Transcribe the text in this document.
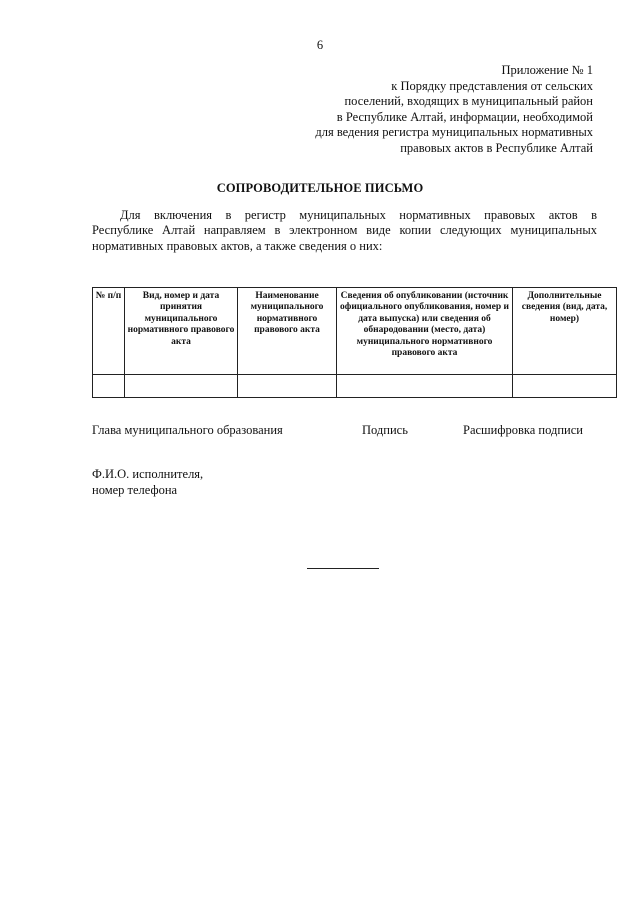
6
Приложение № 1
к Порядку представления от сельских
поселений, входящих в муниципальный район
в Республике Алтай, информации, необходимой
для ведения регистра муниципальных нормативных
правовых актов в Республике Алтай
СОПРОВОДИТЕЛЬНОЕ ПИСЬМО
Для включения в регистр муниципальных нормативных правовых актов в
Республике Алтай направляем в электронном виде копии следующих муниципальных
нормативных правовых актов, а также сведения о них:
№ п/п	Вид, номер и дата принятия муниципального нормативного правового акта	Наименование муниципального нормативного правового акта	Сведения об опубликовании (источник официального опубликования, номер и дата выпуска) или сведения об обнародовании (место, дата) муниципального нормативного правового акта	Дополнительные сведения (вид, дата, номер)

Глава муниципального образования	Подпись	Расшифровка подписи
Ф.И.О. исполнителя,
номер телефона
